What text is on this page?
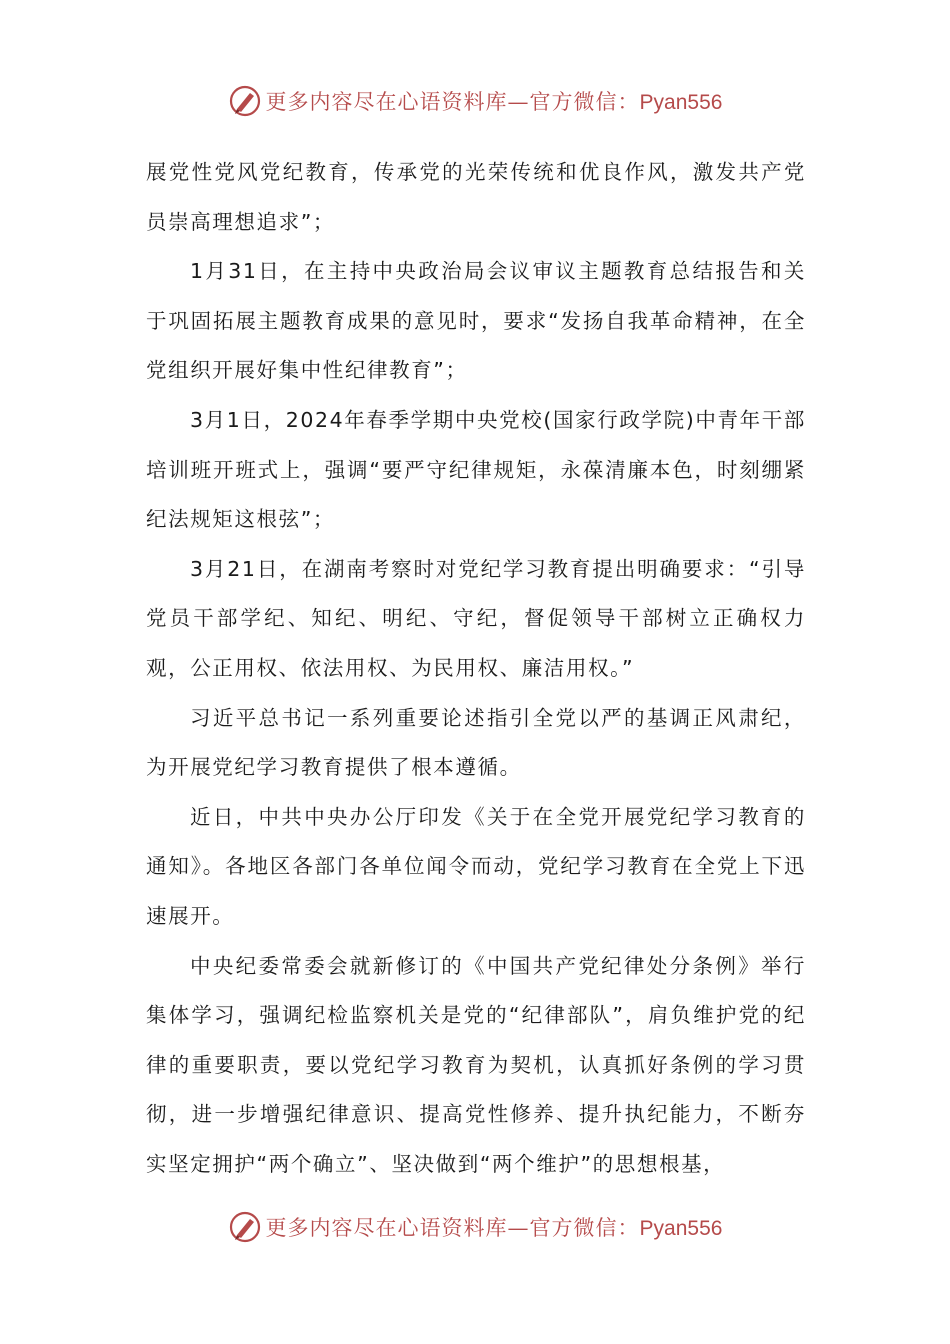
更多内容尽在心语资料库—官方微信：Pyan556

展党性党风党纪教育，传承党的光荣传统和优良作风，激发共产党员崇高理想追求”；

1月31日，在主持中央政治局会议审议主题教育总结报告和关于巩固拓展主题教育成果的意见时，要求“发扬自我革命精神，在全党组织开展好集中性纪律教育”；

3月1日，2024年春季学期中央党校(国家行政学院)中青年干部培训班开班式上，强调“要严守纪律规矩，永葆清廉本色，时刻绷紧纪法规矩这根弦”；

3月21日，在湖南考察时对党纪学习教育提出明确要求：“引导党员干部学纪、知纪、明纪、守纪，督促领导干部树立正确权力观，公正用权、依法用权、为民用权、廉洁用权。”

习近平总书记一系列重要论述指引全党以严的基调正风肃纪，为开展党纪学习教育提供了根本遵循。

近日，中共中央办公厅印发《关于在全党开展党纪学习教育的通知》。各地区各部门各单位闻令而动，党纪学习教育在全党上下迅速展开。

中央纪委常委会就新修订的《中国共产党纪律处分条例》举行集体学习，强调纪检监察机关是党的“纪律部队”，肩负维护党的纪律的重要职责，要以党纪学习教育为契机，认真抓好条例的学习贯彻，进一步增强纪律意识、提高党性修养、提升执纪能力，不断夯实坚定拥护“两个确立”、坚决做到“两个维护”的思想根基，

更多内容尽在心语资料库—官方微信：Pyan556
